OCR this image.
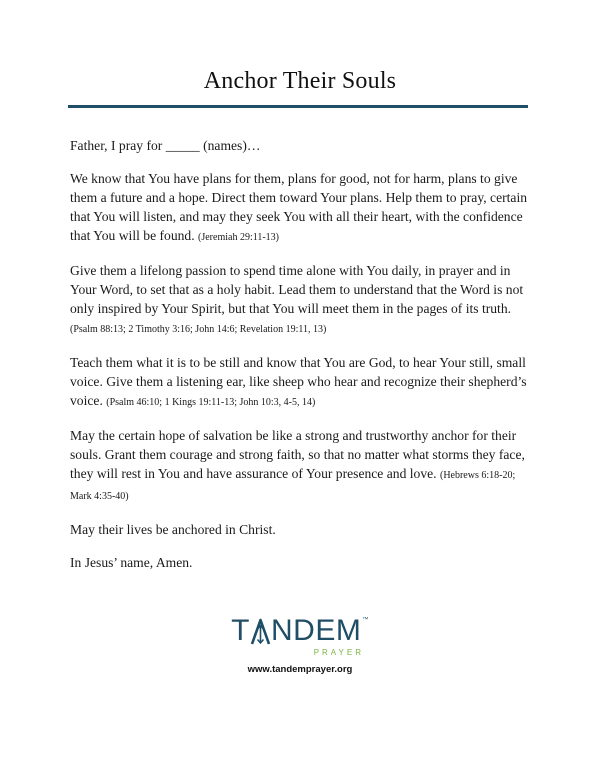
Anchor Their Souls

Father, I pray for _____ (names)…

We know that You have plans for them, plans for good, not for harm, plans to give them a future and a hope. Direct them toward Your plans. Help them to pray, certain that You will listen, and may they seek You with all their heart, with the confidence that You will be found. (Jeremiah 29:11-13)

Give them a lifelong passion to spend time alone with You daily, in prayer and in Your Word, to set that as a holy habit. Lead them to understand that the Word is not only inspired by Your Spirit, but that You will meet them in the pages of its truth. (Psalm 88:13; 2 Timothy 3:16; John 14:6; Revelation 19:11, 13)

Teach them what it is to be still and know that You are God, to hear Your still, small voice. Give them a listening ear, like sheep who hear and recognize their shepherd’s voice. (Psalm 46:10; 1 Kings 19:11-13; John 10:3, 4-5, 14)

May the certain hope of salvation be like a strong and trustworthy anchor for their souls. Grant them courage and strong faith, so that no matter what storms they face, they will rest in You and have assurance of Your presence and love. (Hebrews 6:18-20; Mark 4:35-40)

May their lives be anchored in Christ.

In Jesus’ name, Amen.

T NDEM ™
PRAYER
www.tandemprayer.org
